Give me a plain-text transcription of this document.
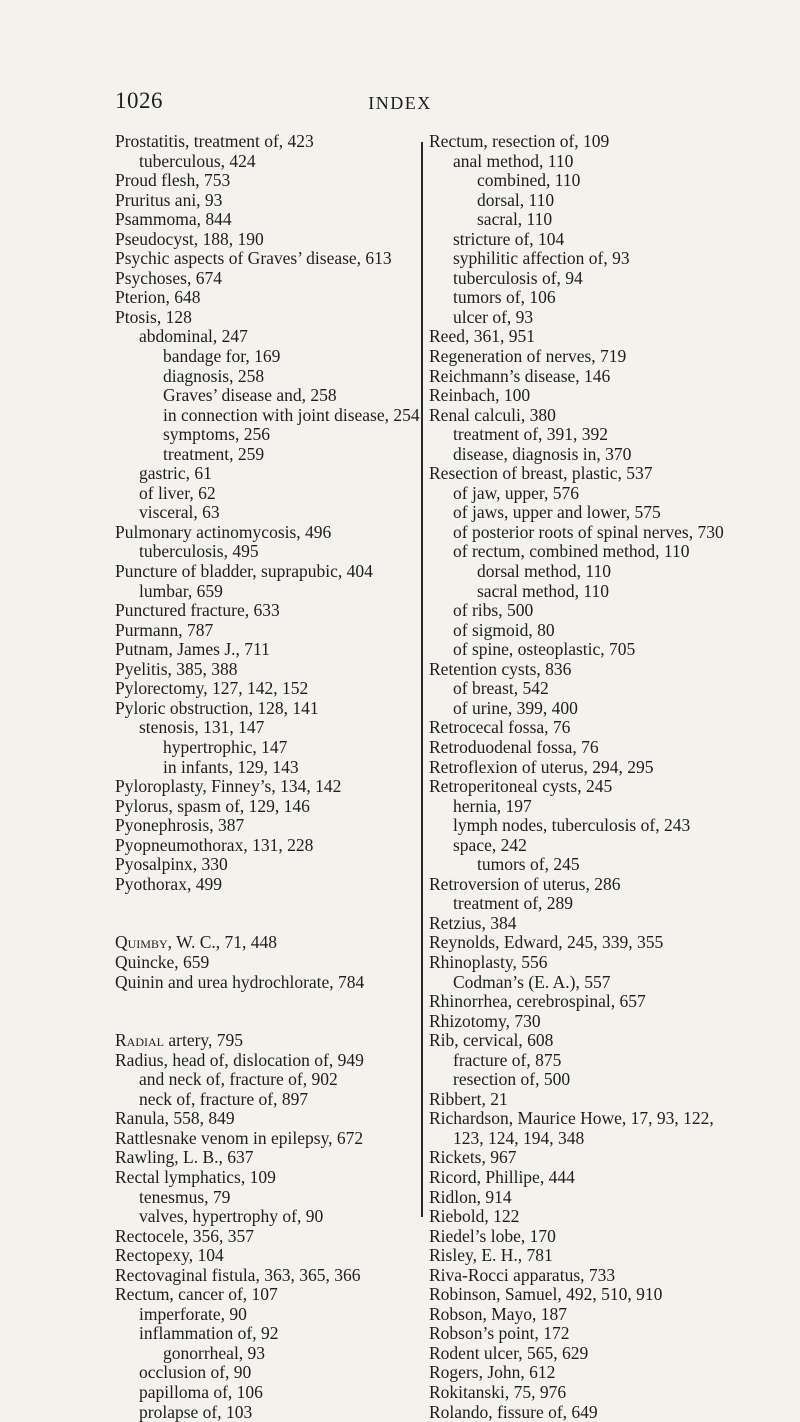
1026	INDEX
Prostatitis, treatment of, 423
tuberculous, 424
Proud flesh, 753
Pruritus ani, 93
Psammoma, 844
Pseudocyst, 188, 190
Psychic aspects of Graves’ disease, 613
Psychoses, 674
Pterion, 648
Ptosis, 128
abdominal, 247
bandage for, 169
diagnosis, 258
Graves’ disease and, 258
in connection with joint disease, 254
symptoms, 256
treatment, 259
gastric, 61
of liver, 62
visceral, 63
Pulmonary actinomycosis, 496
tuberculosis, 495
Puncture of bladder, suprapubic, 404
lumbar, 659
Punctured fracture, 633
Purmann, 787
Putnam, James J., 711
Pyelitis, 385, 388
Pylorectomy, 127, 142, 152
Pyloric obstruction, 128, 141
stenosis, 131, 147
hypertrophic, 147
in infants, 129, 143
Pyloroplasty, Finney’s, 134, 142
Pylorus, spasm of, 129, 146
Pyonephrosis, 387
Pyopneumothorax, 131, 228
Pyosalpinx, 330
Pyothorax, 499
Quimby, W. C., 71, 448
Quincke, 659
Quinin and urea hydrochlorate, 784
Radial artery, 795
Radius, head of, dislocation of, 949
and neck of, fracture of, 902
neck of, fracture of, 897
Ranula, 558, 849
Rattlesnake venom in epilepsy, 672
Rawling, L. B., 637
Rectal lymphatics, 109
tenesmus, 79
valves, hypertrophy of, 90
Rectocele, 356, 357
Rectopexy, 104
Rectovaginal fistula, 363, 365, 366
Rectum, cancer of, 107
imperforate, 90
inflammation of, 92
gonorrheal, 93
occlusion of, 90
papilloma of, 106
prolapse of, 103
Rectum, resection of, 109
anal method, 110
combined, 110
dorsal, 110
sacral, 110
stricture of, 104
syphilitic affection of, 93
tuberculosis of, 94
tumors of, 106
ulcer of, 93
Reed, 361, 951
Regeneration of nerves, 719
Reichmann’s disease, 146
Reinbach, 100
Renal calculi, 380
treatment of, 391, 392
disease, diagnosis in, 370
Resection of breast, plastic, 537
of jaw, upper, 576
of jaws, upper and lower, 575
of posterior roots of spinal nerves, 730
of rectum, combined method, 110
dorsal method, 110
sacral method, 110
of ribs, 500
of sigmoid, 80
of spine, osteoplastic, 705
Retention cysts, 836
of breast, 542
of urine, 399, 400
Retrocecal fossa, 76
Retroduodenal fossa, 76
Retroflexion of uterus, 294, 295
Retroperitoneal cysts, 245
hernia, 197
lymph nodes, tuberculosis of, 243
space, 242
tumors of, 245
Retroversion of uterus, 286
treatment of, 289
Retzius, 384
Reynolds, Edward, 245, 339, 355
Rhinoplasty, 556
Codman’s (E. A.), 557
Rhinorrhea, cerebrospinal, 657
Rhizotomy, 730
Rib, cervical, 608
fracture of, 875
resection of, 500
Ribbert, 21
Richardson, Maurice Howe, 17, 93, 122,
123, 124, 194, 348
Rickets, 967
Ricord, Phillipe, 444
Ridlon, 914
Riebold, 122
Riedel’s lobe, 170
Risley, E. H., 781
Riva-Rocci apparatus, 733
Robinson, Samuel, 492, 510, 910
Robson, Mayo, 187
Robson’s point, 172
Rodent ulcer, 565, 629
Rogers, John, 612
Rokitanski, 75, 976
Rolando, fissure of, 649
